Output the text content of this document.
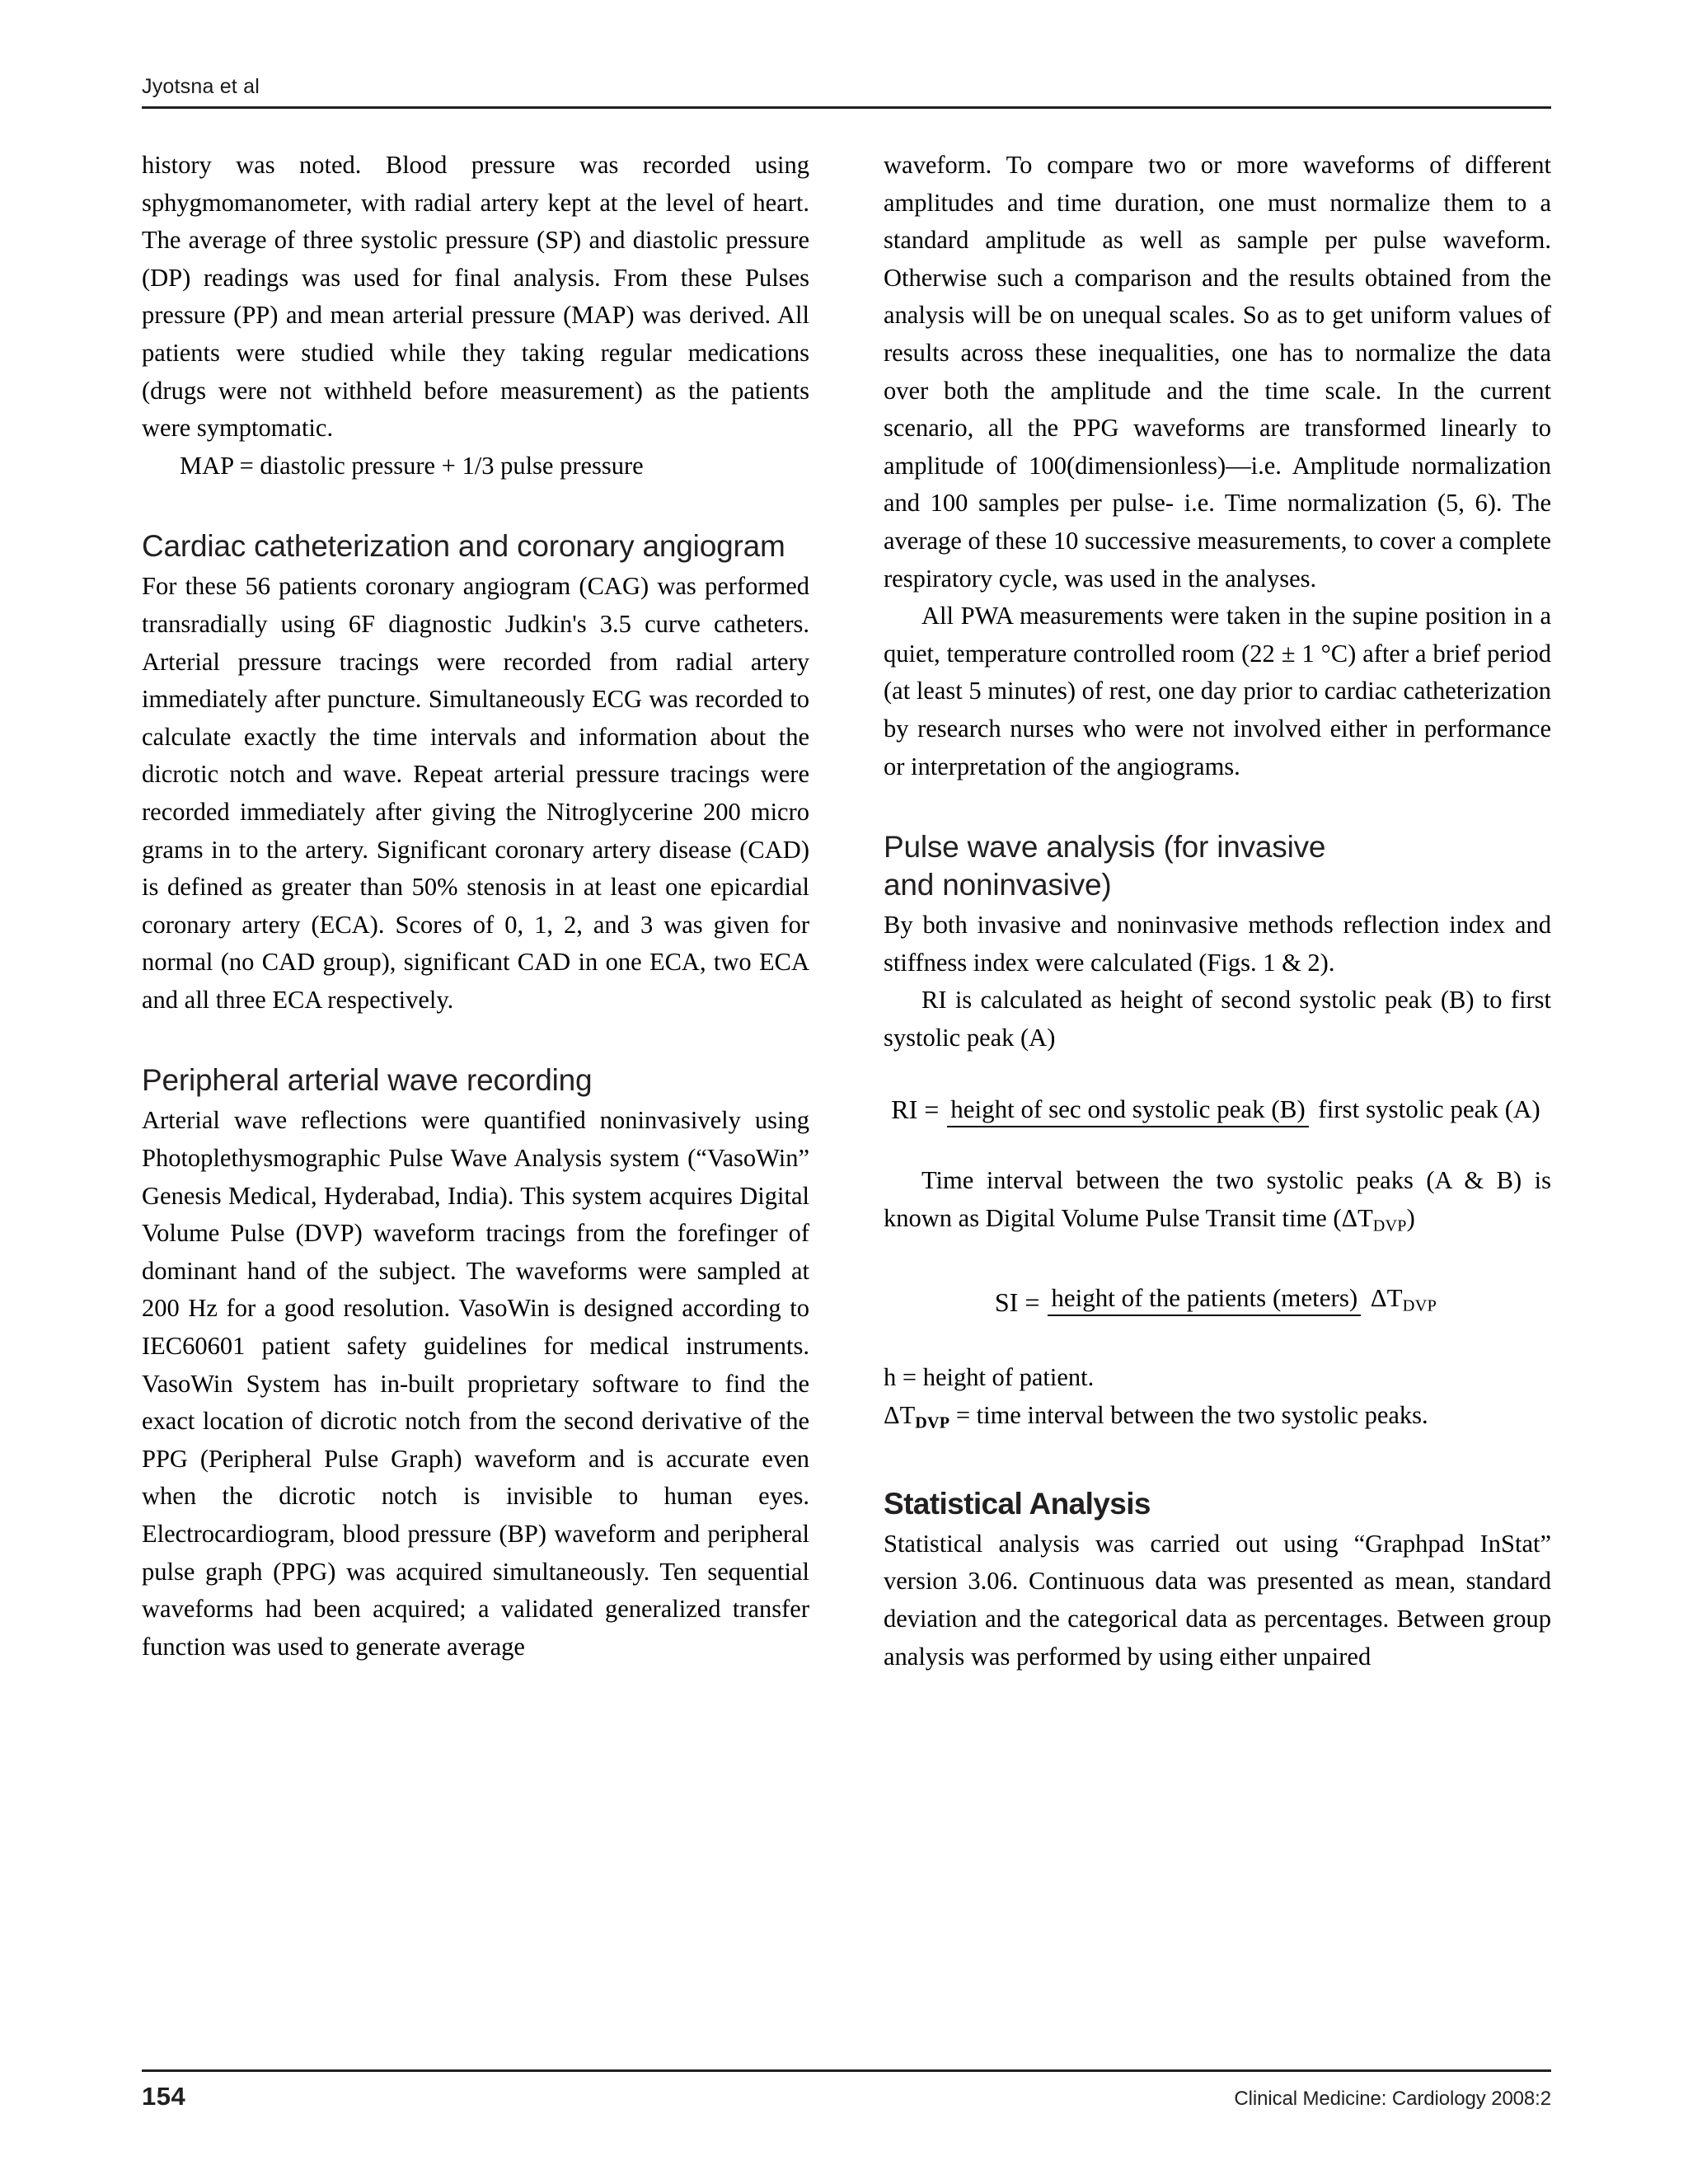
Jyotsna et al

history was noted. Blood pressure was recorded using sphygmomanometer, with radial artery kept at the level of heart. The average of three systolic pressure (SP) and diastolic pressure (DP) readings was used for final analysis. From these Pulses pressure (PP) and mean arterial pressure (MAP) was derived. All patients were studied while they taking regular medications (drugs were not withheld before measurement) as the patients were symptomatic.

MAP = diastolic pressure + 1/3 pulse pressure

Cardiac catheterization and coronary angiogram

For these 56 patients coronary angiogram (CAG) was performed transradially using 6F diagnostic Judkin's 3.5 curve catheters. Arterial pressure tracings were recorded from radial artery immediately after puncture. Simultaneously ECG was recorded to calculate exactly the time intervals and information about the dicrotic notch and wave. Repeat arterial pressure tracings were recorded immediately after giving the Nitroglycerine 200 micro grams in to the artery. Significant coronary artery disease (CAD) is defined as greater than 50% stenosis in at least one epicardial coronary artery (ECA). Scores of 0, 1, 2, and 3 was given for normal (no CAD group), significant CAD in one ECA, two ECA and all three ECA respectively.

Peripheral arterial wave recording

Arterial wave reflections were quantified noninvasively using Photoplethysmographic Pulse Wave Analysis system (“VasoWin” Genesis Medical, Hyderabad, India). This system acquires Digital Volume Pulse (DVP) waveform tracings from the forefinger of dominant hand of the subject. The waveforms were sampled at 200 Hz for a good resolution. VasoWin is designed according to IEC60601 patient safety guidelines for medical instruments. VasoWin System has in-built proprietary software to find the exact location of dicrotic notch from the second derivative of the PPG (Peripheral Pulse Graph) waveform and is accurate even when the dicrotic notch is invisible to human eyes. Electrocardiogram, blood pressure (BP) waveform and peripheral pulse graph (PPG) was acquired simultaneously. Ten sequential waveforms had been acquired; a validated generalized transfer function was used to generate average

waveform. To compare two or more waveforms of different amplitudes and time duration, one must normalize them to a standard amplitude as well as sample per pulse waveform. Otherwise such a comparison and the results obtained from the analysis will be on unequal scales. So as to get uniform values of results across these inequalities, one has to normalize the data over both the amplitude and the time scale. In the current scenario, all the PPG waveforms are transformed linearly to amplitude of 100(dimensionless)—i.e. Amplitude normalization and 100 samples per pulse- i.e. Time normalization (5, 6). The average of these 10 successive measurements, to cover a complete respiratory cycle, was used in the analyses.

All PWA measurements were taken in the supine position in a quiet, temperature controlled room (22 ± 1 °C) after a brief period (at least 5 minutes) of rest, one day prior to cardiac catheterization by research nurses who were not involved either in performance or interpretation of the angiograms.

Pulse wave analysis (for invasive
and noninvasive)

By both invasive and noninvasive methods reflection index and stiffness index were calculated (Figs. 1 & 2).

RI is calculated as height of second systolic peak (B) to first systolic peak (A)

RI = height of sec ond systolic peak (B) first systolic peak (A)

Time interval between the two systolic peaks (A & B) is known as Digital Volume Pulse Transit time $(\Delta T_{DVP})$

SI = height of the patients (meters) $\Delta T_{DVP}$

h = height of patient.

$\Delta T_{DVP}$ = time interval between the two systolic peaks.

Statistical Analysis

Statistical analysis was carried out using “Graphpad InStat” version 3.06. Continuous data was presented as mean, standard deviation and the categorical data as percentages. Between group analysis was performed by using either unpaired

154	Clinical Medicine: Cardiology 2008:2
